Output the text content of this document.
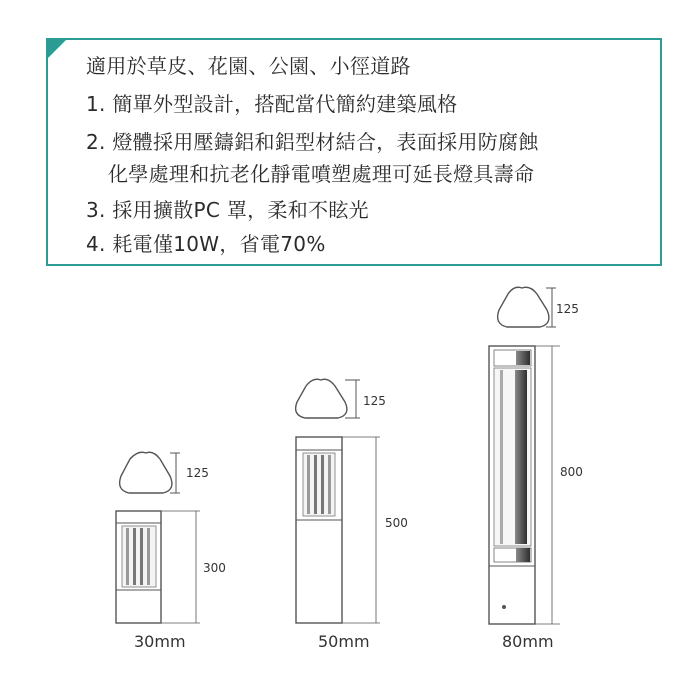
適用於草皮、花園、公園、小徑道路
1. 簡單外型設計，搭配當代簡約建築風格
2. 燈體採用壓鑄鋁和鋁型材結合，表面採用防腐蝕
化學處理和抗老化靜電噴塑處理可延長燈具壽命
3. 採用擴散PC 罩，柔和不眩光
4. 耗電僅10W，省電70%
125
300
125
500
125
800
30mm	50mm	80mm
